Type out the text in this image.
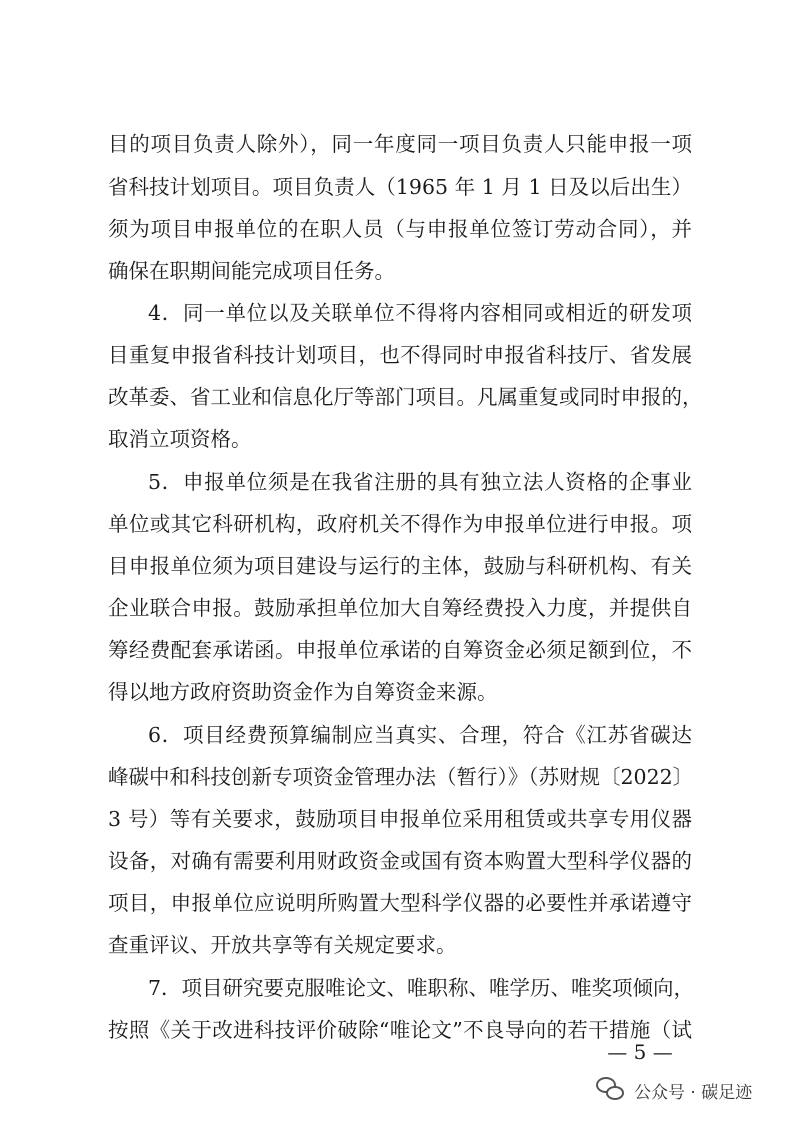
目的项目负责人除外），同一年度同一项目负责人只能申报一项
省科技计划项目。项目负责人（1965 年 1 月 1 日及以后出生）
须为项目申报单位的在职人员（与申报单位签订劳动合同），并
确保在职期间能完成项目任务。
4．同一单位以及关联单位不得将内容相同或相近的研发项
目重复申报省科技计划项目，也不得同时申报省科技厅、省发展
改革委、省工业和信息化厅等部门项目。凡属重复或同时申报的，
取消立项资格。
5．申报单位须是在我省注册的具有独立法人资格的企事业
单位或其它科研机构，政府机关不得作为申报单位进行申报。项
目申报单位须为项目建设与运行的主体，鼓励与科研机构、有关
企业联合申报。鼓励承担单位加大自筹经费投入力度，并提供自
筹经费配套承诺函。申报单位承诺的自筹资金必须足额到位，不
得以地方政府资助资金作为自筹资金来源。
6．项目经费预算编制应当真实、合理，符合《江苏省碳达
峰碳中和科技创新专项资金管理办法（暂行）》（苏财规〔2022〕
3 号）等有关要求，鼓励项目申报单位采用租赁或共享专用仪器
设备，对确有需要利用财政资金或国有资本购置大型科学仪器的
项目，申报单位应说明所购置大型科学仪器的必要性并承诺遵守
查重评议、开放共享等有关规定要求。
7．项目研究要克服唯论文、唯职称、唯学历、唯奖项倾向，
按照《关于改进科技评价破除“唯论文”不良导向的若干措施（试
— 5 —
公众号 · 碳足迹
